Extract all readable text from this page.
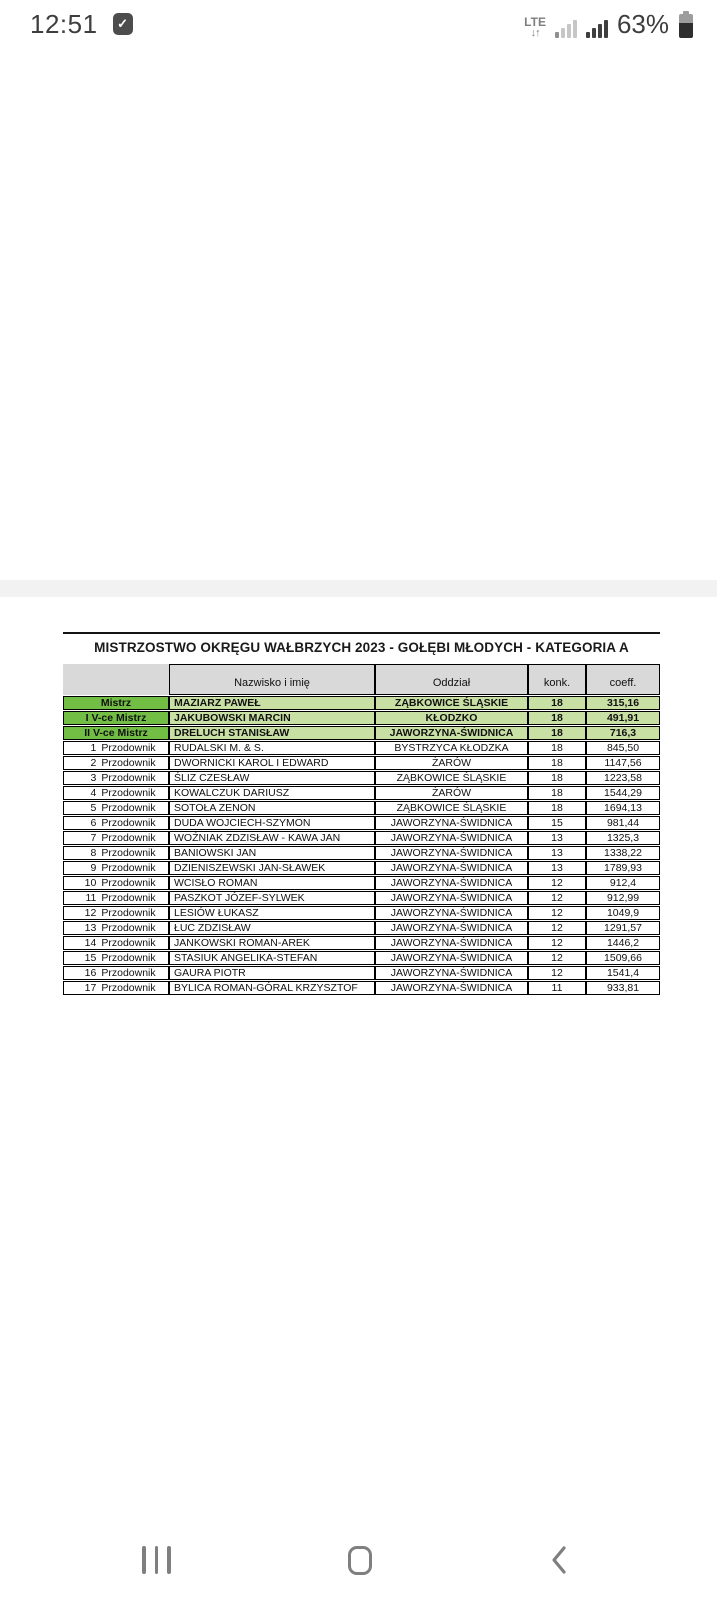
12:51	✓	LTE
↓↑	63%
MISTRZOSTWO OKRĘGU WAŁBRZYCH 2023 - GOŁĘBI MŁODYCH - KATEGORIA A
	Nazwisko i imię	Oddział	konk.	coeff.

Mistrz	MAZIARZ PAWEŁ	ZĄBKOWICE ŚLĄSKIE	18	315,16

I V-ce Mistrz	JAKUBOWSKI MARCIN	KŁODZKO	18	491,91

II V-ce Mistrz	DRELUCH STANISŁAW	JAWORZYNA-ŚWIDNICA	18	716,3

1 Przodownik	RUDALSKI M. & S.	BYSTRZYCA KŁODZKA	18	845,50

2 Przodownik	DWORNICKI KAROL I EDWARD	ŻARÓW	18	1147,56

3 Przodownik	ŚLIZ CZESŁAW	ZĄBKOWICE ŚLĄSKIE	18	1223,58

4 Przodownik	KOWALCZUK DARIUSZ	ŻARÓW	18	1544,29

5 Przodownik	SOTOŁA ZENON	ZĄBKOWICE ŚLĄSKIE	18	1694,13

6 Przodownik	DUDA WOJCIECH-SZYMON	JAWORZYNA-ŚWIDNICA	15	981,44

7 Przodownik	WOŹNIAK ZDZISŁAW - KAWA JAN	JAWORZYNA-ŚWIDNICA	13	1325,3

8 Przodownik	BANIOWSKI JAN	JAWORZYNA-ŚWIDNICA	13	1338,22

9 Przodownik	DZIENISZEWSKI JAN-SŁAWEK	JAWORZYNA-ŚWIDNICA	13	1789,93

10 Przodownik	WCISŁO ROMAN	JAWORZYNA-ŚWIDNICA	12	912,4

11 Przodownik	PASZKOT JÓZEF-SYLWEK	JAWORZYNA-ŚWIDNICA	12	912,99

12 Przodownik	LESIÓW ŁUKASZ	JAWORZYNA-ŚWIDNICA	12	1049,9

13 Przodownik	ŁUC ZDZISŁAW	JAWORZYNA-ŚWIDNICA	12	1291,57

14 Przodownik	JANKOWSKI ROMAN-AREK	JAWORZYNA-ŚWIDNICA	12	1446,2

15 Przodownik	STASIUK ANGELIKA-STEFAN	JAWORZYNA-ŚWIDNICA	12	1509,66

16 Przodownik	GAURA PIOTR	JAWORZYNA-ŚWIDNICA	12	1541,4

17 Przodownik	BYLICA ROMAN-GÓRAL KRZYSZTOF	JAWORZYNA-ŚWIDNICA	11	933,81
